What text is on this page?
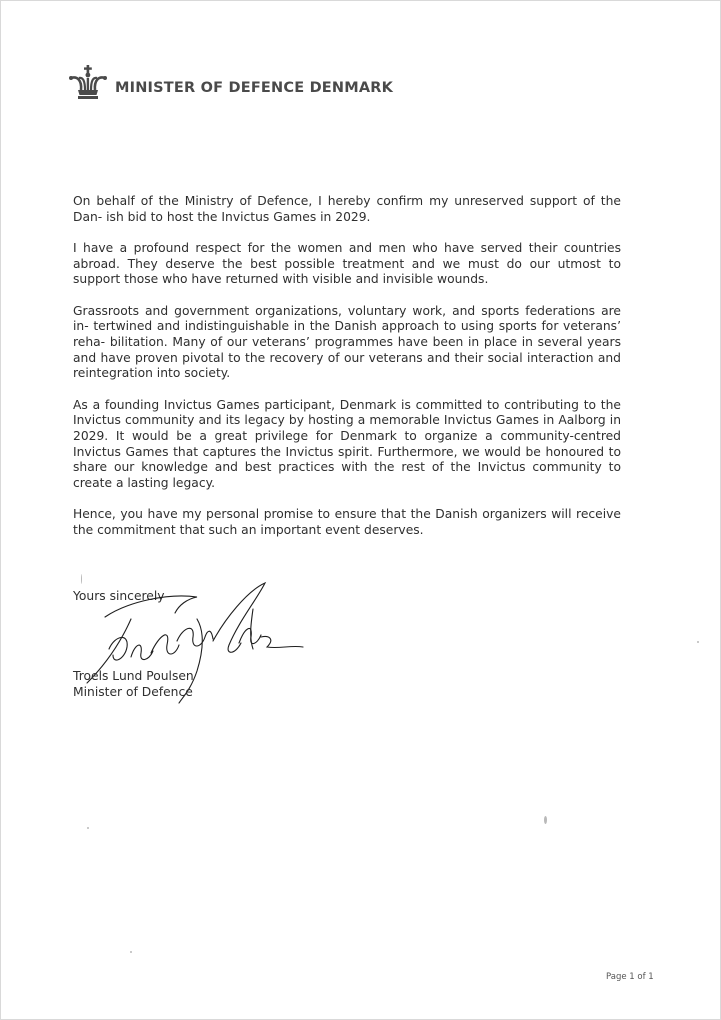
MINISTER OF DEFENCE DENMARK

On behalf of the Ministry of Defence, I hereby confirm my unreserved support of the Dan- ish bid to host the Invictus Games in 2029.

I have a profound respect for the women and men who have served their countries abroad. They deserve the best possible treatment and we must do our utmost to support those who have returned with visible and invisible wounds.

Grassroots and government organizations, voluntary work, and sports federations are in- tertwined and indistinguishable in the Danish approach to using sports for veterans’ reha- bilitation. Many of our veterans’ programmes have been in place in several years and have proven pivotal to the recovery of our veterans and their social interaction and reintegration into society.

As a founding Invictus Games participant, Denmark is committed to contributing to the Invictus community and its legacy by hosting a memorable Invictus Games in Aalborg in 2029. It would be a great privilege for Denmark to organize a community-centred Invictus Games that captures the Invictus spirit. Furthermore, we would be honoured to share our knowledge and best practices with the rest of the Invictus community to create a lasting legacy.

Hence, you have my personal promise to ensure that the Danish organizers will receive the commitment that such an important event deserves.

Yours sincerely
Troels Lund Poulsen
Minister of Defence
Page 1 of 1
